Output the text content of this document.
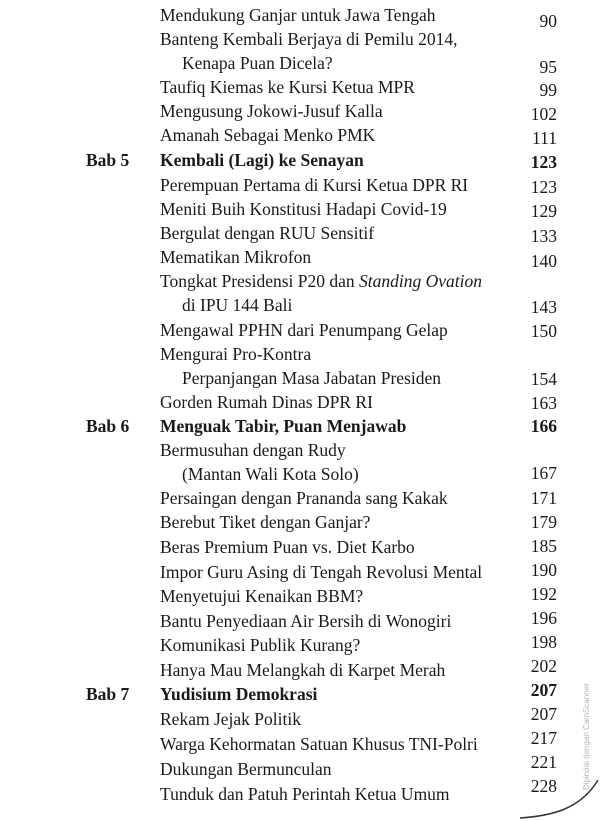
Mendukung Ganjar untuk Jawa Tengah	90
Banteng Kembali Berjaya di Pemilu 2014,
Kenapa Puan Dicela?	95
Taufiq Kiemas ke Kursi Ketua MPR	99
Mengusung Jokowi-Jusuf Kalla	102
Amanah Sebagai Menko PMK	111
Bab 5 Kembali (Lagi) ke Senayan	123
Perempuan Pertama di Kursi Ketua DPR RI	123
Meniti Buih Konstitusi Hadapi Covid-19	129
Bergulat dengan RUU Sensitif	133
Mematikan Mikrofon	140
Tongkat Presidensi P20 dan Standing Ovation
di IPU 144 Bali	143
Mengawal PPHN dari Penumpang Gelap	150
Mengurai Pro-Kontra
Perpanjangan Masa Jabatan Presiden	154
Gorden Rumah Dinas DPR RI	163
Bab 6 Menguak Tabir, Puan Menjawab	166
Bermusuhan dengan Rudy
(Mantan Wali Kota Solo)	167
Persaingan dengan Prananda sang Kakak	171
Berebut Tiket dengan Ganjar?	179
Beras Premium Puan vs. Diet Karbo	185
Impor Guru Asing di Tengah Revolusi Mental	190
Menyetujui Kenaikan BBM?	192
Bantu Penyediaan Air Bersih di Wonogiri	196
Komunikasi Publik Kurang?	198
Hanya Mau Melangkah di Karpet Merah	202
Bab 7 Yudisium Demokrasi	207
Rekam Jejak Politik	207
Warga Kehormatan Satuan Khusus TNI-Polri	217
Dukungan Bermunculan	221
Tunduk dan Patuh Perintah Ketua Umum	228	Dipindai dengan CamScanner
